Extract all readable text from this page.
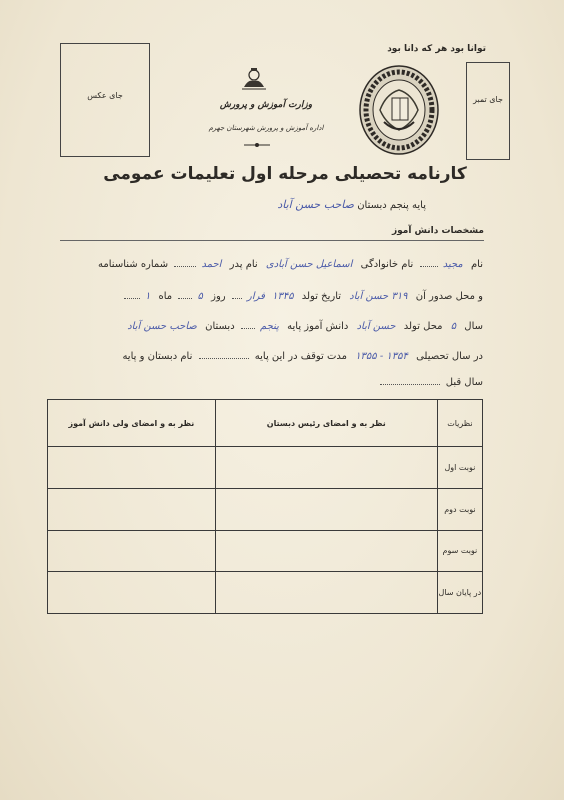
توانا بود هر که دانا بود
جای عکس	جای تمبر
وزارت آموزش و پرورش
اداره آموزش و پرورش شهرستان جهرم
کارنامه تحصیلی مرحله اول تعلیمات عمومی
پایه پنجم دبستان صاحب حسن آباد
مشخصات دانش آموز
نام مجید  نام خانوادگی اسماعیل حسن آبادی نام پدر احمد  شماره شناسنامه
و محل صدور آن ۳۱۹ حسن آباد تاریخ تولد ۱۳۴۵ فرار  روز ۵  ماه ۱
سال ۵ محل تولد حسن آباد دانش آموز پایه پنجم  دبستان صاحب حسن آباد
در سال تحصیلی ۱۳۵۴ - ۱۳۵۵ مدت توقف در این پایه  نام دبستان و پایه
سال قبل
نظر به و امضای ولی دانش آموز	نظر به و امضای رئیس دبستان	نظریات
		نوبت اول
		نوبت دوم
		نوبت سوم
		در پایان سال
